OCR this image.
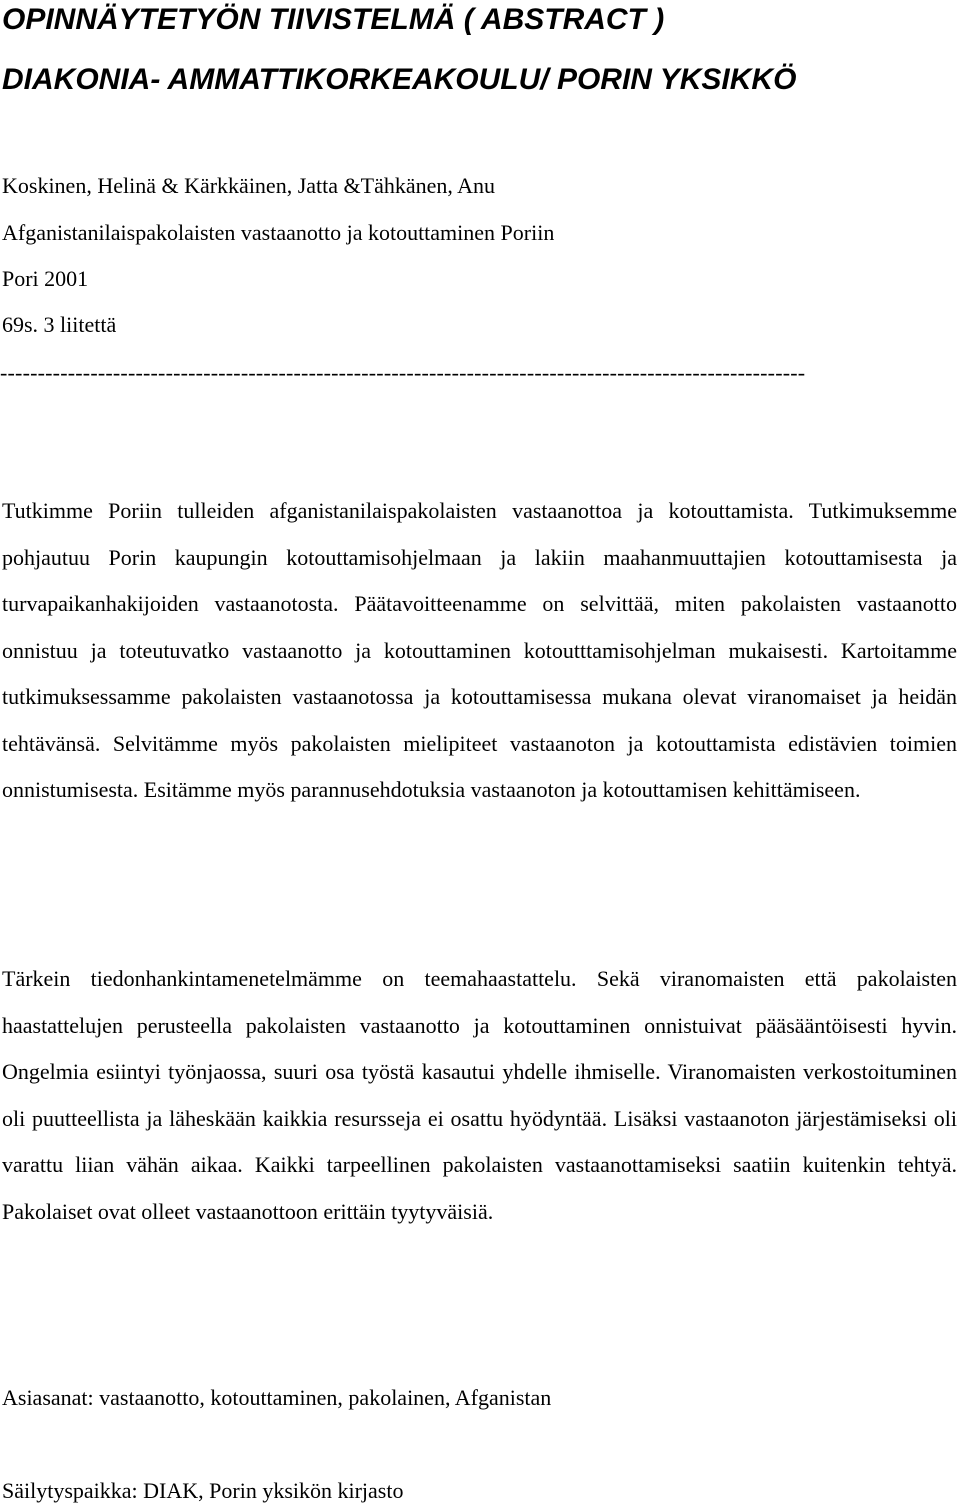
OPINNÄYTETYÖN TIIVISTELMÄ ( ABSTRACT )
DIAKONIA- AMMATTIKORKEAKOULU/ PORIN YKSIKKÖ
Koskinen, Helinä & Kärkkäinen, Jatta &Tähkänen, Anu
Afganistanilaispakolaisten vastaanotto ja kotouttaminen Poriin
Pori 2001
69s. 3 liitettä
-----------------------------------------------------------------------------------------------------------

Tutkimme Poriin tulleiden afganistanilaispakolaisten vastaanottoa ja kotouttamista. Tutkimuksemme pohjautuu Porin kaupungin kotouttamisohjelmaan ja lakiin maahanmuuttajien kotouttamisesta ja turvapaikanhakijoiden vastaanotosta. Päätavoitteenamme on selvittää, miten pakolaisten vastaanotto onnistuu ja toteutuvatko vastaanotto ja kotouttaminen kotoutttamisohjelman mukaisesti. Kartoitamme tutkimuksessamme pakolaisten vastaanotossa ja kotouttamisessa mukana olevat viranomaiset ja heidän tehtävänsä. Selvitämme myös pakolaisten mielipiteet vastaanoton ja kotouttamista edistävien toimien onnistumisesta. Esitämme myös parannusehdotuksia vastaanoton ja kotouttamisen kehittämiseen.

Tärkein tiedonhankintamenetelmämme on teemahaastattelu. Sekä viranomaisten että pakolaisten haastattelujen perusteella pakolaisten vastaanotto ja kotouttaminen onnistuivat pääsääntöisesti hyvin. Ongelmia esiintyi työnjaossa, suuri osa työstä kasautui yhdelle ihmiselle. Viranomaisten verkostoituminen oli puutteellista ja läheskään kaikkia resursseja ei osattu hyödyntää. Lisäksi vastaanoton järjestämiseksi oli varattu liian vähän aikaa. Kaikki tarpeellinen pakolaisten vastaanottamiseksi saatiin kuitenkin tehtyä. Pakolaiset ovat olleet vastaanottoon erittäin tyytyväisiä.

Asiasanat: vastaanotto, kotouttaminen, pakolainen, Afganistan
Säilytyspaikka: DIAK, Porin yksikön kirjasto
